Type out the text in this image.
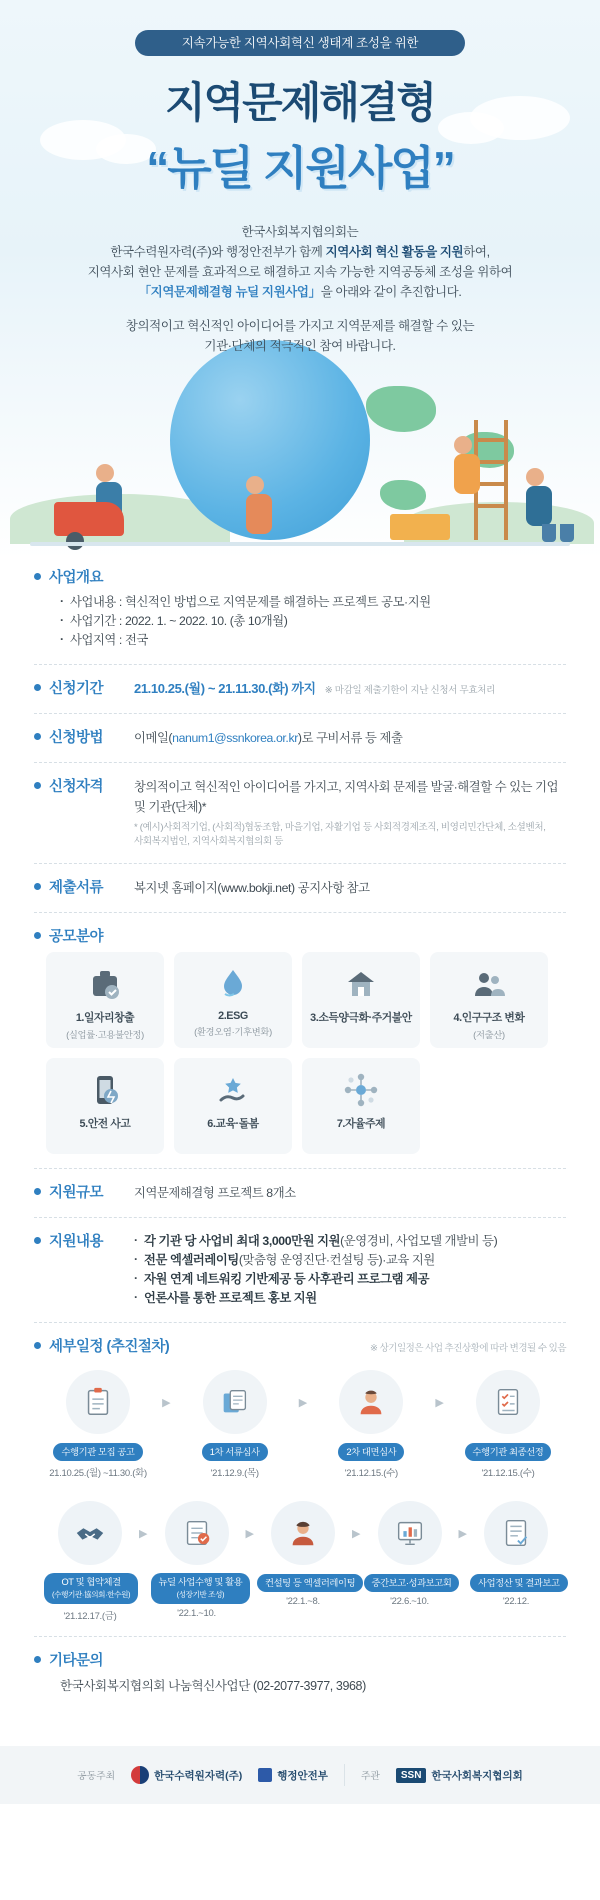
지속가능한 지역사회혁신 생태계 조성을 위한
지역문제해결형
“뉴딜 지원사업”

한국사회복지협의회는

한국수력원자력(주)와 행정안전부가 함께 지역사회 혁신 활동을 지원하여,

지역사회 현안 문제를 효과적으로 해결하고 지속 가능한 지역공동체 조성을 위하여

「지역문제해결형 뉴딜 지원사업」을 아래와 같이 추진합니다.

창의적이고 혁신적인 아이디어를 가지고 지역문제를 해결할 수 있는

기관·단체의 적극적인 참여 바랍니다.

사업개요
· 사업내용 : 혁신적인 방법으로 지역문제를 해결하는 프로젝트 공모·지원
· 사업기간 : 2022. 1. ~ 2022. 10. (총 10개월)
· 사업지역 : 전국
신청기간 21.10.25.(월) ~ 21.11.30.(화) 까지 ※ 마감일 제출기한이 지난 신청서 무효처리
신청방법	이메일(nanum1@ssnkorea.or.kr)로 구비서류 등 제출
신청자격	창의적이고 혁신적인 아이디어를 가지고, 지역사회 문제를 발굴·해결할 수 있는 기업 및 기관(단체)*
* (예시)사회적기업, (사회적)협동조합, 마을기업, 자활기업 등 사회적경제조직, 비영리민간단체, 소셜벤처,
사회복지법인, 지역사회복지협의회 등
제출서류	복지넷 홈페이지(www.bokji.net) 공지사항 참고
공모분야
1.일자리창출
(실업률·고용불안정)
2.ESG
(환경오염·기후변화)
3.소득양극화·주거불안	4.인구구조 변화
(저출산)
5.안전 사고	6.교육·돌봄	7.자율주제
지원규모	지역문제해결형 프로젝트 8개소
지원내용	· 각 기관 당 사업비 최대 3,000만원 지원(운영경비, 사업모델 개발비 등)
· 전문 엑셀러레이팅(맞춤형 운영진단·컨설팅 등)·교육 지원
· 자원 연계 네트워킹 기반제공 등 사후관리 프로그램 제공
· 언론사를 통한 프로젝트 홍보 지원
세부일정 (추진절차)	※ 상기일정은 사업 추진상황에 따라 변경될 수 있음
수행기관 모집 공고
21.10.25.(월) ~11.30.(화)
▶
1차 서류심사
'21.12.9.(목)
▶
2차 대면심사
'21.12.15.(수)
▶
수행기관 최종선정
'21.12.15.(수)
OT 및 협약체결
(수행기관·協의회·한수원)
'21.12.17.(금)
▶
뉴딜 사업수행 및 활용
(성장기반 조성)
'22.1.~10.
▶
컨설팅 등 엑셀러레이팅
'22.1.~8.
▶
중간보고·성과보고회
'22.6.~10.
▶
사업정산 및 결과보고
'22.12.
기타문의
한국사회복지협의회 나눔혁신사업단 (02-2077-3977, 3968)
공동주최	한국수력원자력(주)	행정안전부	주관	SSN 한국사회복지협의회
